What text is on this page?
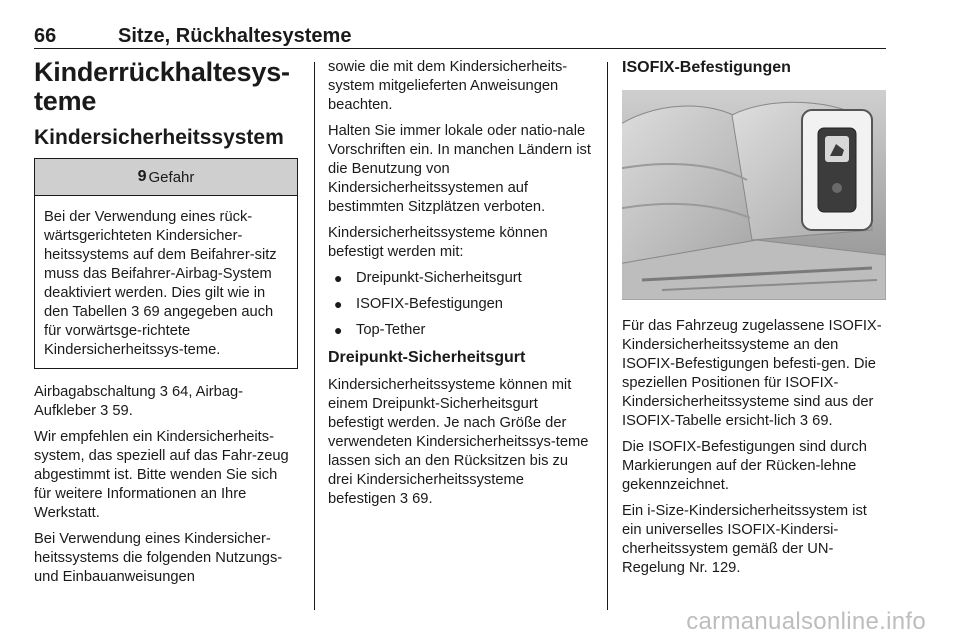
66	Sitze, Rückhaltesysteme
Kinderrückhaltesys-
teme
Kindersicherheitssystem
9 Gefahr

Bei der Verwendung eines rück-wärtsgerichteten Kindersicher-heitssystems auf dem Beifahrer-sitz muss das Beifahrer-Airbag-System deaktiviert werden. Dies gilt wie in den Tabellen 3 69 angegeben auch für vorwärtsge-richtete Kindersicherheitssys-teme.

Airbagabschaltung 3 64, Airbag-Aufkleber 3 59.

Wir empfehlen ein Kindersicherheits-system, das speziell auf das Fahr-zeug abgestimmt ist. Bitte wenden Sie sich für weitere Informationen an Ihre Werkstatt.

Bei Verwendung eines Kindersicher-heitssystems die folgenden Nutzungs- und Einbauanweisungen

sowie die mit dem Kindersicherheits-system mitgelieferten Anweisungen beachten.

Halten Sie immer lokale oder natio-nale Vorschriften ein. In manchen Ländern ist die Benutzung von Kindersicherheitssystemen auf bestimmten Sitzplätzen verboten.

Kindersicherheitssysteme können befestigt werden mit:

● Dreipunkt-Sicherheitsgurt
● ISOFIX-Befestigungen
● Top-Tether
Dreipunkt-Sicherheitsgurt

Kindersicherheitssysteme können mit einem Dreipunkt-Sicherheitsgurt befestigt werden. Je nach Größe der verwendeten Kindersicherheitssys-teme lassen sich an den Rücksitzen bis zu drei Kindersicherheitssysteme befestigen 3 69.

ISOFIX-Befestigungen

Für das Fahrzeug zugelassene ISOFIX-Kindersicherheitssysteme an den ISOFIX-Befestigungen befesti-gen. Die speziellen Positionen für ISOFIX-Kindersicherheitssysteme sind aus der ISOFIX-Tabelle ersicht-lich 3 69.

Die ISOFIX-Befestigungen sind durch Markierungen auf der Rücken-lehne gekennzeichnet.

Ein i-Size-Kindersicherheitssystem ist ein universelles ISOFIX-Kindersi-cherheitssystem gemäß der UN-Regelung Nr. 129.

carmanualsonline.info
